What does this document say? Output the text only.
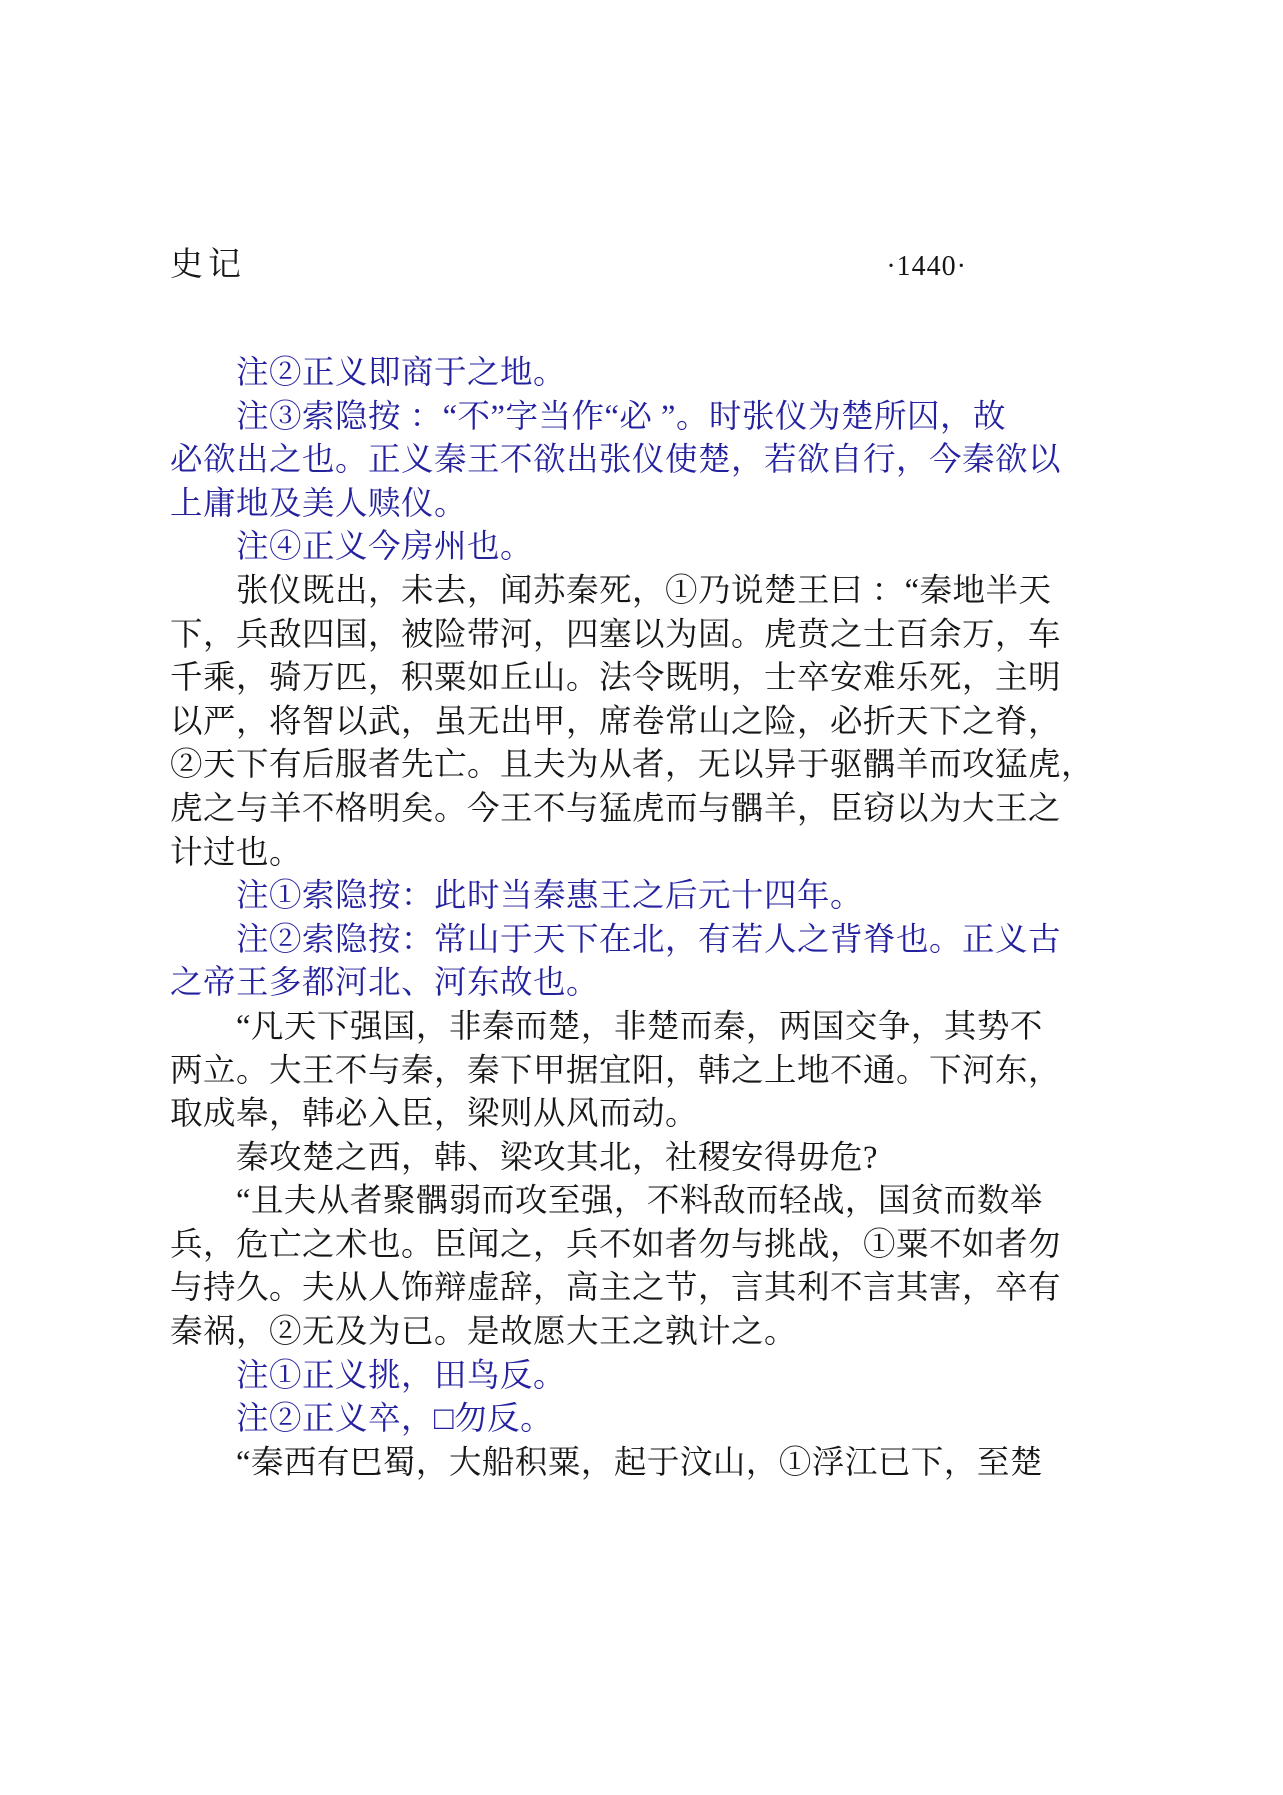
史记	·1440·
注②正义即商于之地。
注③索隐按 ：“不”字当作“必 ”。时张仪为楚所囚，故
必欲出之也。正义秦王不欲出张仪使楚，若欲自行，今秦欲以
上庸地及美人赎仪。
注④正义今房州也。
张仪既出，未去，闻苏秦死，①乃说楚王曰 ：“秦地半天
下，兵敌四国，被险带河，四塞以为固。虎贲之士百余万，车
千乘，骑万匹，积粟如丘山。法令既明，士卒安难乐死，主明
以严，将智以武，虽无出甲，席卷常山之险，必折天下之脊，
②天下有后服者先亡。且夫为从者，无以异于驱髃羊而攻猛虎，
虎之与羊不格明矣。今王不与猛虎而与髃羊，臣窃以为大王之
计过也。
注①索隐按：此时当秦惠王之后元十四年。
注②索隐按：常山于天下在北，有若人之背脊也。正义古
之帝王多都河北、河东故也。
“凡天下强国，非秦而楚，非楚而秦，两国交争，其势不
两立。大王不与秦，秦下甲据宜阳，韩之上地不通。下河东，
取成皋，韩必入臣，梁则从风而动。
秦攻楚之西，韩、梁攻其北，社稷安得毋危?
“且夫从者聚髃弱而攻至强，不料敌而轻战，国贫而数举
兵，危亡之术也。臣闻之，兵不如者勿与挑战，①粟不如者勿
与持久。夫从人饰辩虚辞，高主之节，言其利不言其害，卒有
秦祸，②无及为已。是故愿大王之孰计之。
注①正义挑，田鸟反。
注②正义卒，□勿反。
“秦西有巴蜀，大船积粟，起于汶山，①浮江已下，至楚
